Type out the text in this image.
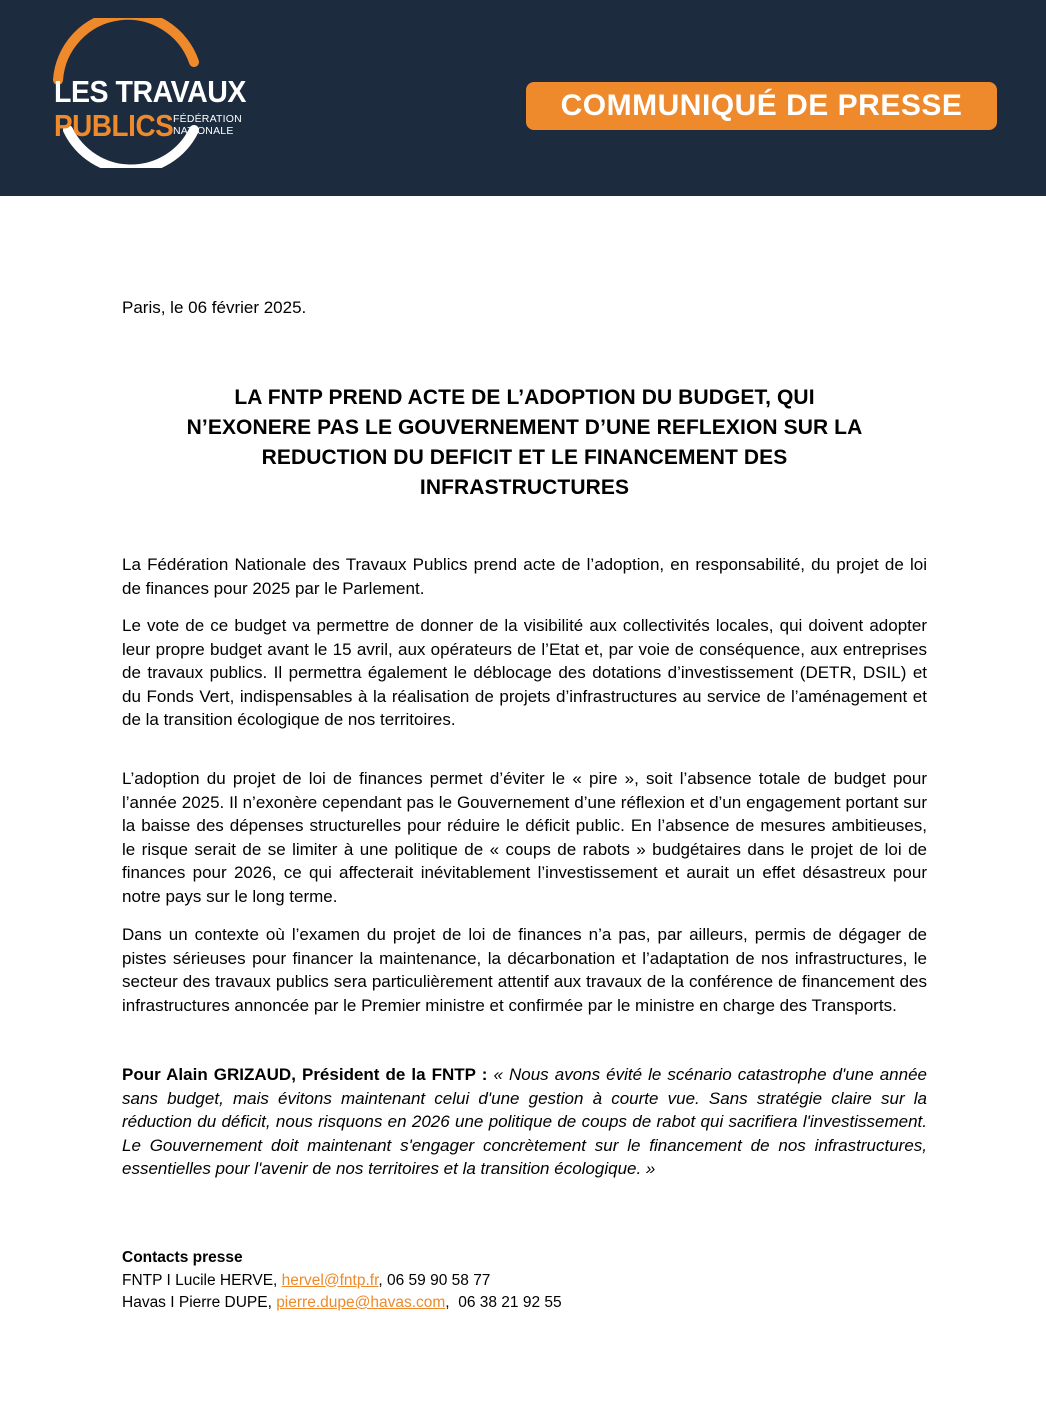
LES TRAVAUX
PUBLICS FÉDÉRATION
NATIONALE
COMMUNIQUÉ DE PRESSE
Paris, le 06 février 2025.
LA FNTP PREND ACTE DE L’ADOPTION DU BUDGET, QUI
N’EXONERE PAS LE GOUVERNEMENT D’UNE REFLEXION SUR LA
REDUCTION DU DEFICIT ET LE FINANCEMENT DES
INFRASTRUCTURES

La Fédération Nationale des Travaux Publics prend acte de l’adoption, en responsabilité, du projet de loi de finances pour 2025 par le Parlement.

Le vote de ce budget va permettre de donner de la visibilité aux collectivités locales, qui doivent adopter leur propre budget avant le 15 avril, aux opérateurs de l’Etat et, par voie de conséquence, aux entreprises de travaux publics. Il permettra également le déblocage des dotations d’investissement (DETR, DSIL) et du Fonds Vert, indispensables à la réalisation de projets d’infrastructures au service de l’aménagement et de la transition écologique de nos territoires.

L’adoption du projet de loi de finances permet d’éviter le « pire », soit l’absence totale de budget pour l’année 2025. Il n’exonère cependant pas le Gouvernement d’une réflexion et d’un engagement portant sur la baisse des dépenses structurelles pour réduire le déficit public. En l’absence de mesures ambitieuses, le risque serait de se limiter à une politique de « coups de rabots » budgétaires dans le projet de loi de finances pour 2026, ce qui affecterait inévitablement l’investissement et aurait un effet désastreux pour notre pays sur le long terme.

Dans un contexte où l’examen du projet de loi de finances n’a pas, par ailleurs, permis de dégager de pistes sérieuses pour financer la maintenance, la décarbonation et l’adaptation de nos infrastructures, le secteur des travaux publics sera particulièrement attentif aux travaux de la conférence de financement des infrastructures annoncée par le Premier ministre et confirmée par le ministre en charge des Transports.

Pour Alain GRIZAUD, Président de la FNTP : « Nous avons évité le scénario catastrophe d'une année sans budget, mais évitons maintenant celui d'une gestion à courte vue. Sans stratégie claire sur la réduction du déficit, nous risquons en 2026 une politique de coups de rabot qui sacrifiera l'investissement. Le Gouvernement doit maintenant s'engager concrètement sur le financement de nos infrastructures, essentielles pour l'avenir de nos territoires et la transition écologique. »

Contacts presse
FNTP I Lucile HERVE, hervel@fntp.fr, 06 59 90 58 77
Havas I Pierre DUPE, pierre.dupe@havas.com,  06 38 21 92 55
